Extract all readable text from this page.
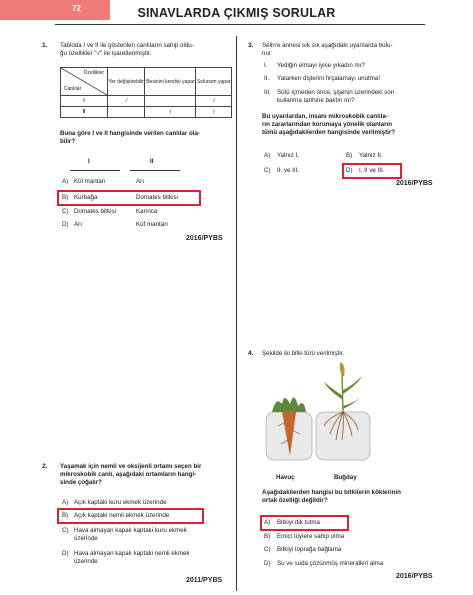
72	SINAVLARDA ÇIKMIŞ SORULAR
1. Tabloda I ve II ile gösterilen canlıların sahip oldu-
ğu özellikler "√" ile işaretlenmiştir.
Özellikler
Canlılar	Yer değiştirebilir	Besinini kendisi yapar	Solunum yapar
I	√		√
II		√	√
Buna göre I ve II hangisinde verilen canlılar ola-
bilir?
I	II
A) Kül mantarı	Arı
B) Kurbağa	Domates bitkisi
C) Domates bitkisi	Karınca
D) Arı	Küf mantarı
2016/PYBS
2. Yaşamak için nemli ve oksijenli ortamı seçen bir
mikroskobik canlı, aşağıdaki ortamların hangi-
sinde çoğalır?
A) Açık kaptaki kuru ekmek üzerinde
B) Açık kaptaki nemli ekmek üzerinde
C) Hava almayan kapalı kaptaki kuru ekmek
üzerinde
D) Hava almayan kapalı kaptaki nemli ekmek
üzerinde
2011/PYBS
3. Selin'e annesi sık sık aşağıdaki uyarılarda bulu-
nur:
I. Yediğin elmayı iyice yıkadın mı?
II. Yatarken dişlerini fırçalamayı unutma!
III. Sütü içmeden önce, şişenin üzerindeki son
kullanma tarihine baktın mı?
Bu uyarılardan, insanı mikroskobik canlıla-
rın zararlarından korumaya yönelik olanların
tümü aşağıdakilerden hangisinde verilmiştir?
A) Yalnız I.	B) Yalnız II.
C) II. ve III.	D) I, II ve III.
2016/PYBS
4. Şekilde iki bitki türü verilmiştir.
Havuç	Buğday
Aşağıdakilerden hangisi bu bitkilerin köklerinin
ortak özelliği değildir?
A) Bitkiyi dik tutma
B) Emici tüylere sahip olma
C) Bitkiyi toprağa bağlama
D) Su ve suda çözünmüş mineralleri alma
2016/PYBS
